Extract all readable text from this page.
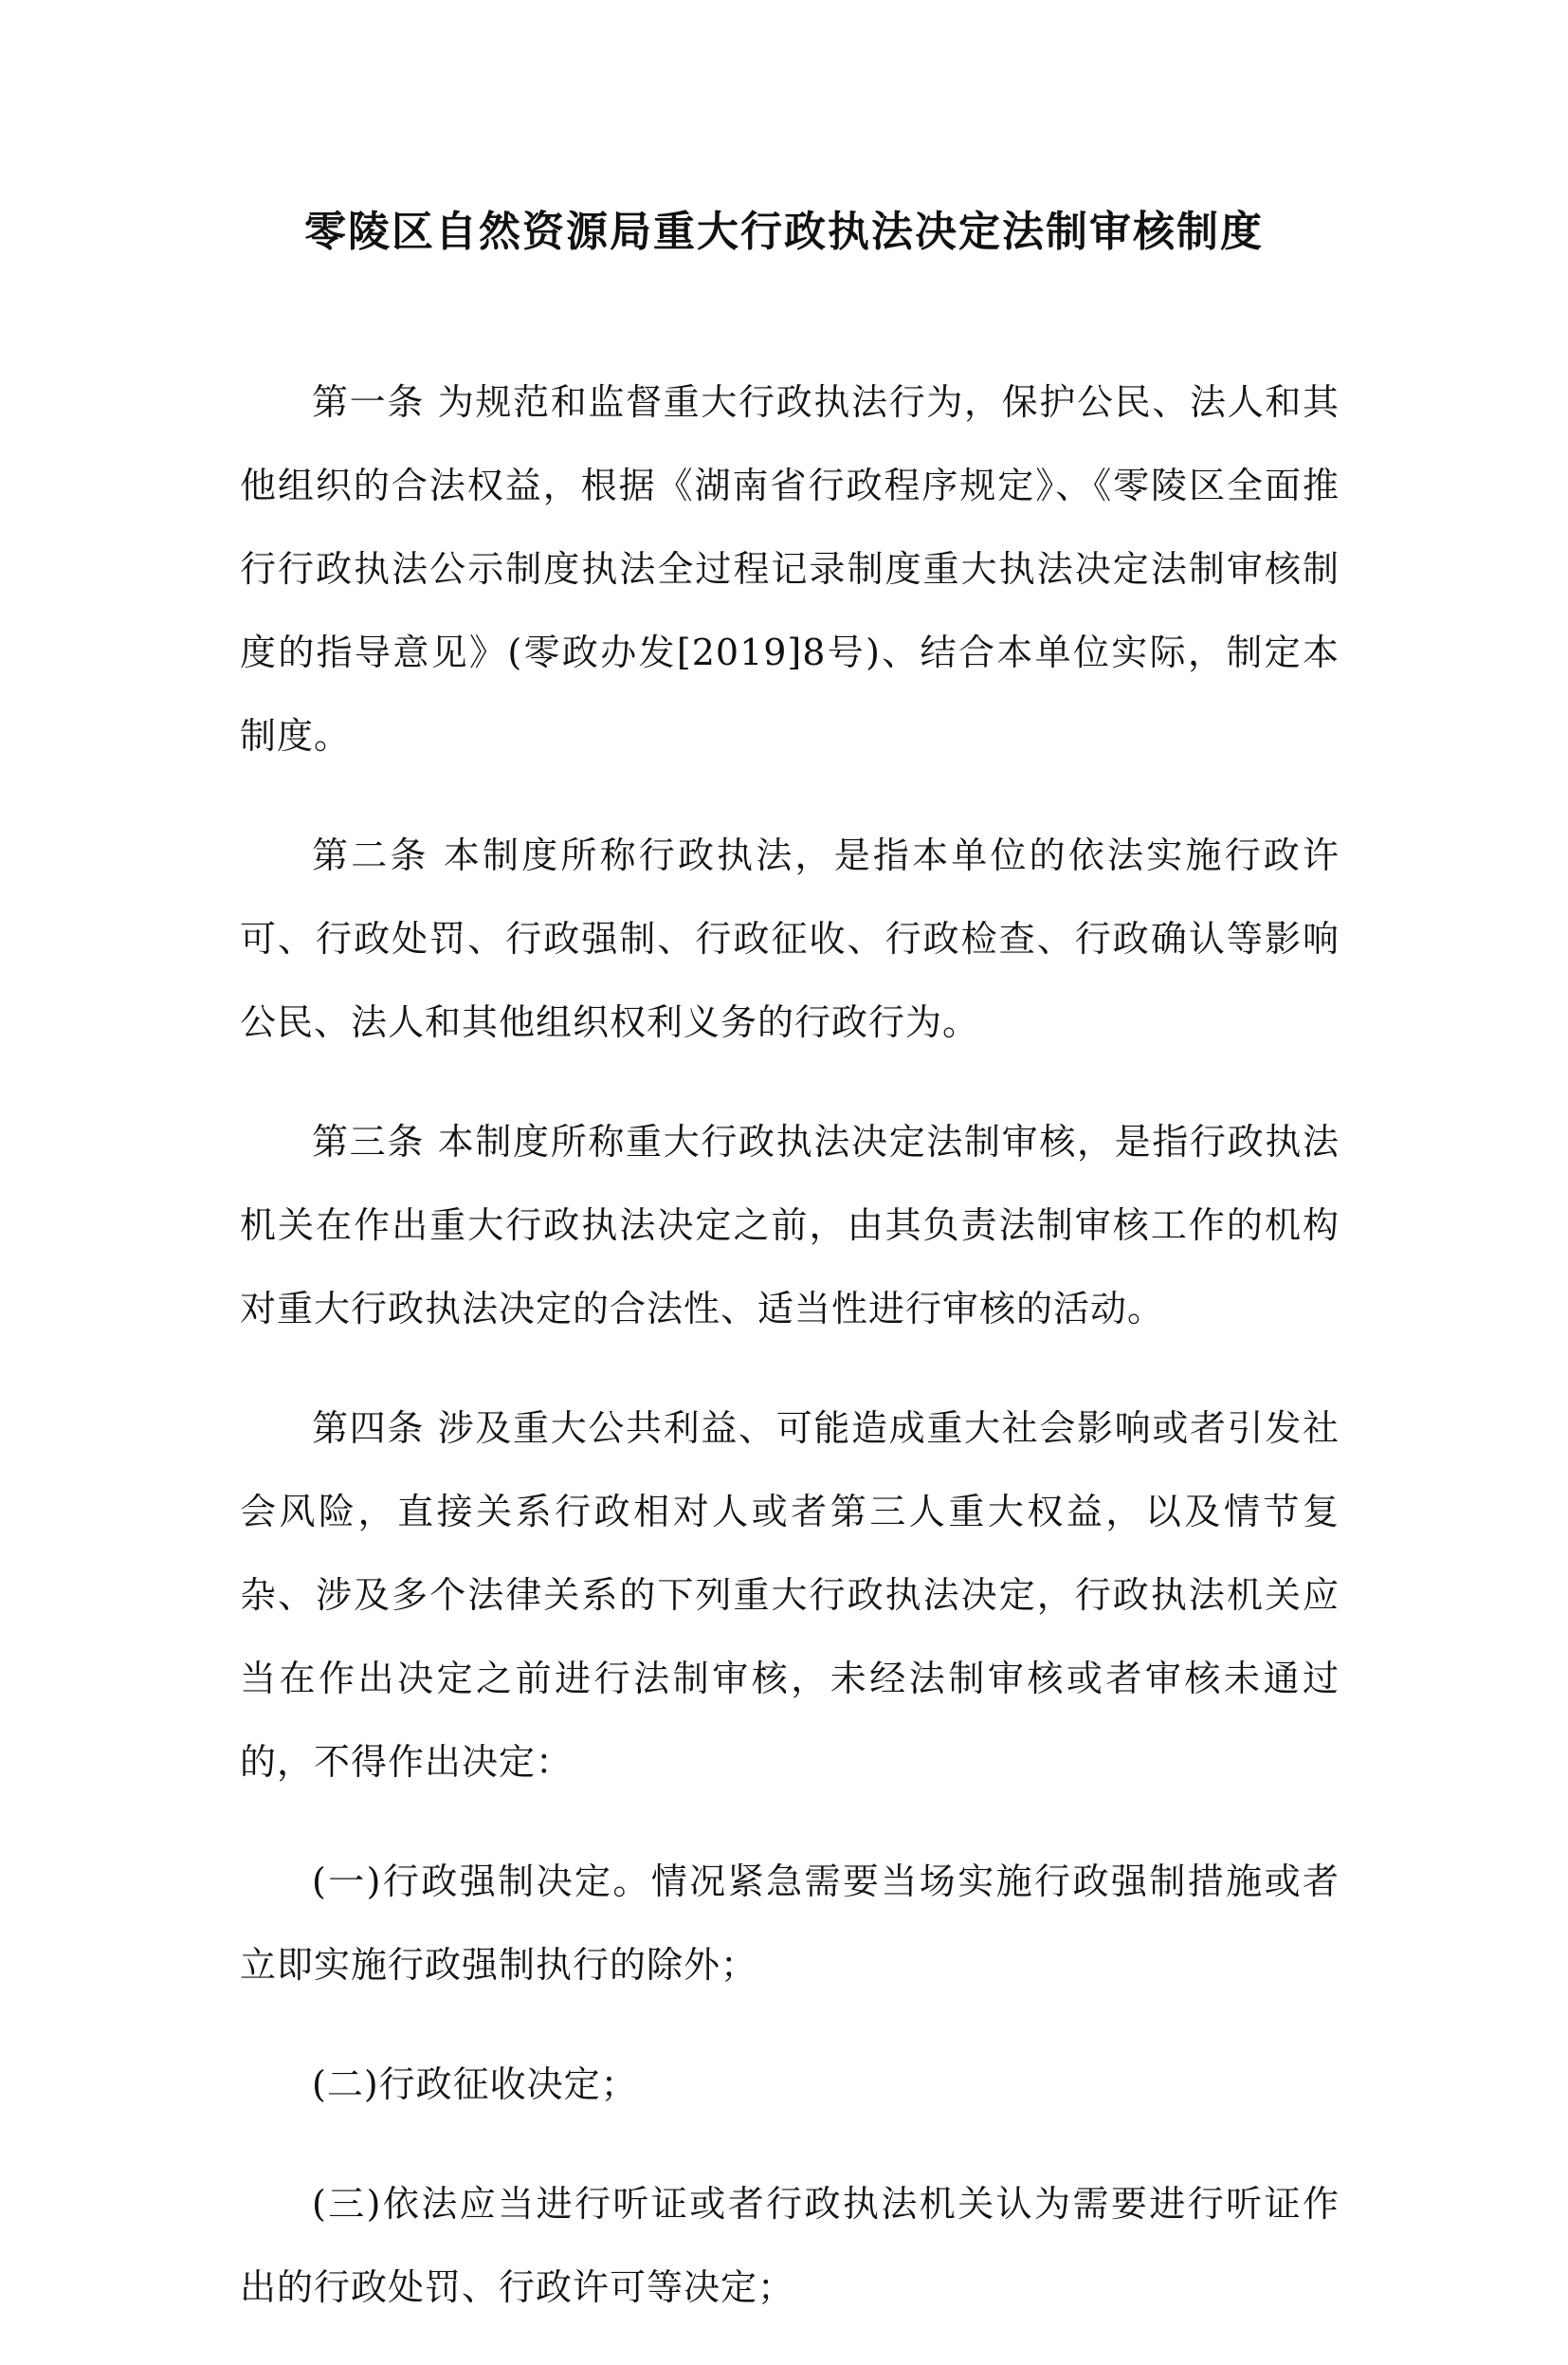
零陵区自然资源局重大行政执法决定法制审核制度

第一条 为规范和监督重大行政执法行为，保护公民、法人和其他组织的合法权益，根据《湖南省行政程序规定》、《零陵区全面推行行政执法公示制度执法全过程记录制度重大执法决定法制审核制度的指导意见》(零政办发[2019]8号)、结合本单位实际，制定本制度。

第二条 本制度所称行政执法，是指本单位的依法实施行政许可、行政处罚、行政强制、行政征收、行政检查、行政确认等影响公民、法人和其他组织权利义务的行政行为。

第三条 本制度所称重大行政执法决定法制审核，是指行政执法机关在作出重大行政执法决定之前，由其负责法制审核工作的机构对重大行政执法决定的合法性、适当性进行审核的活动。

第四条 涉及重大公共利益、可能造成重大社会影响或者引发社会风险，直接关系行政相对人或者第三人重大权益，以及情节复杂、涉及多个法律关系的下列重大行政执法决定，行政执法机关应当在作出决定之前进行法制审核，未经法制审核或者审核未通过的，不得作出决定：

(一)行政强制决定。情况紧急需要当场实施行政强制措施或者立即实施行政强制执行的除外；

(二)行政征收决定；

(三)依法应当进行听证或者行政执法机关认为需要进行听证作出的行政处罚、行政许可等决定；
